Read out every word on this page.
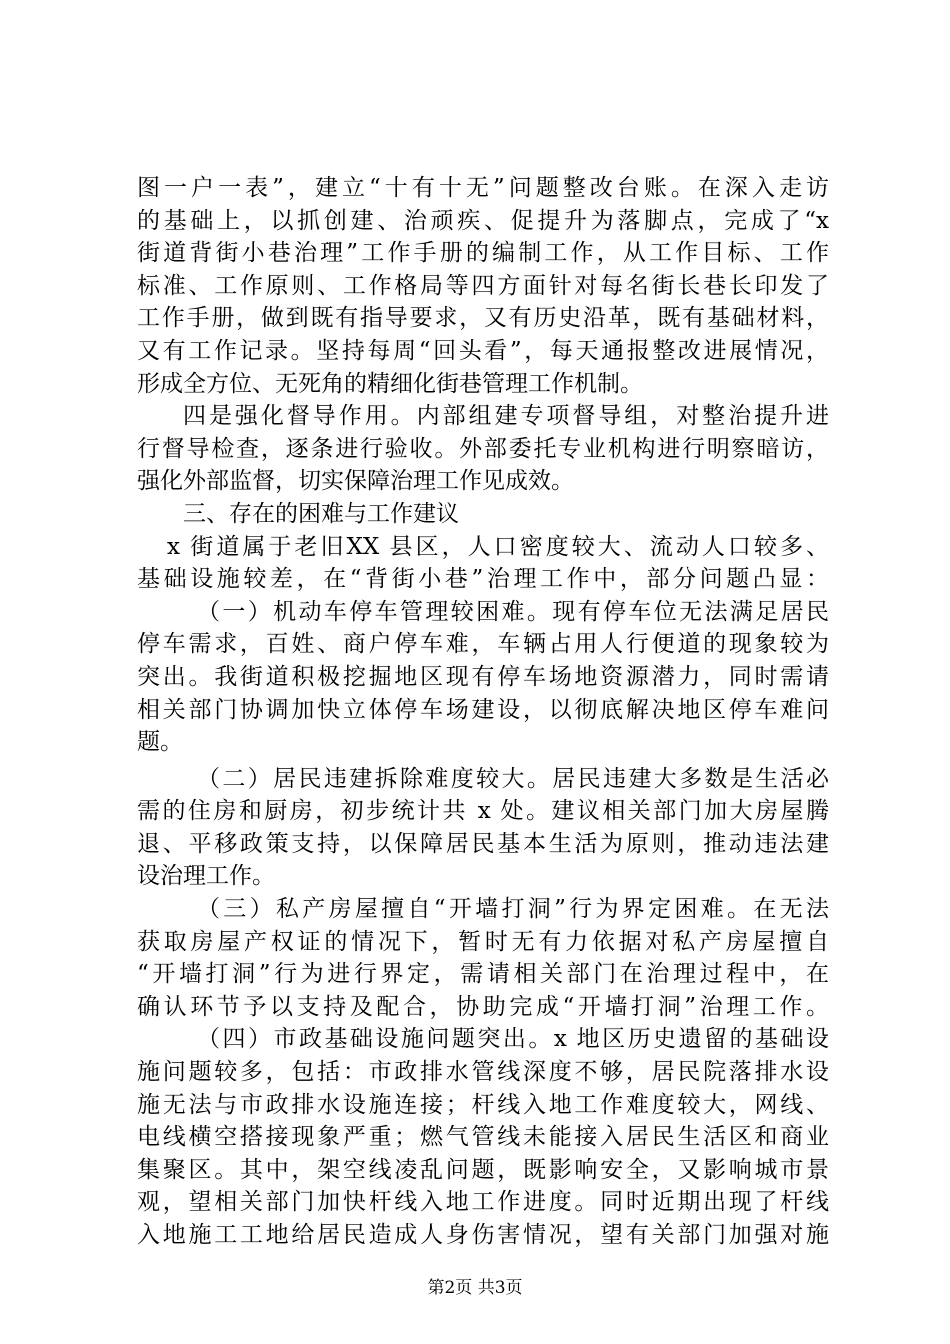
图一户一表”，建立“十有十无”问题整改台账。在深入走访
的基础上，以抓创建、治顽疾、促提升为落脚点，完成了“x
街道背街小巷治理”工作手册的编制工作，从工作目标、工作
标准、工作原则、工作格局等四方面针对每名街长巷长印发了
工作手册，做到既有指导要求，又有历史沿革，既有基础材料，
又有工作记录。坚持每周“回头看”，每天通报整改进展情况，
形成全方位、无死角的精细化街巷管理工作机制。
四是强化督导作用。内部组建专项督导组，对整治提升进
行督导检查，逐条进行验收。外部委托专业机构进行明察暗访，
强化外部监督，切实保障治理工作见成效。
三、存在的困难与工作建议
x 街道属于老旧XX 县区，人口密度较大、流动人口较多、
基础设施较差，在“背街小巷”治理工作中，部分问题凸显：
（一）机动车停车管理较困难。现有停车位无法满足居民
停车需求，百姓、商户停车难，车辆占用人行便道的现象较为
突出。我街道积极挖掘地区现有停车场地资源潜力，同时需请
相关部门协调加快立体停车场建设，以彻底解决地区停车难问
题。
（二）居民违建拆除难度较大。居民违建大多数是生活必
需的住房和厨房，初步统计共 x 处。建议相关部门加大房屋腾
退、平移政策支持，以保障居民基本生活为原则，推动违法建
设治理工作。
（三）私产房屋擅自“开墙打洞”行为界定困难。在无法
获取房屋产权证的情况下，暂时无有力依据对私产房屋擅自
“开墙打洞”行为进行界定，需请相关部门在治理过程中，在
确认环节予以支持及配合，协助完成“开墙打洞”治理工作。
（四）市政基础设施问题突出。x 地区历史遗留的基础设
施问题较多，包括：市政排水管线深度不够，居民院落排水设
施无法与市政排水设施连接；杆线入地工作难度较大，网线、
电线横空搭接现象严重；燃气管线未能接入居民生活区和商业
集聚区。其中，架空线凌乱问题，既影响安全，又影响城市景
观，望相关部门加快杆线入地工作进度。同时近期出现了杆线
入地施工工地给居民造成人身伤害情况，望有关部门加强对施
第2页 共3页
